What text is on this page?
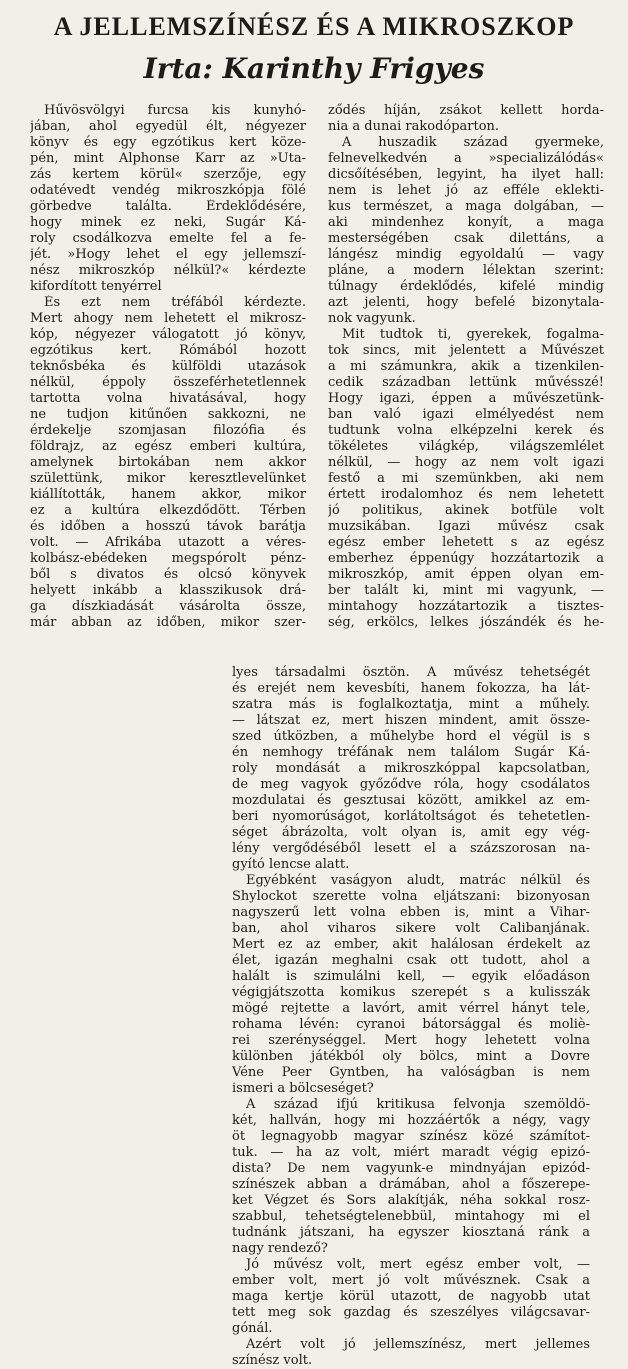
A JELLEMSZÍNÉSZ ÉS A MIKROSZKOP
Irta: Karinthy Frigyes
Hűvösvölgyi furcsa kis kunyhó-
jában, ahol egyedül élt, négyezer
könyv és egy egzótikus kert köze-
pén, mint Alphonse Karr az »Uta-
zás kertem körül« szerzője, egy
odatévedt vendég mikroszkópja fölé
görbedve találta. Érdeklődésére,
hogy minek ez neki, Sugár Ká-
roly csodálkozva emelte fel a fe-
jét. »Hogy lehet el egy jellemszí-
nész mikroszkóp nélkül?« kérdezte
kifordított tenyérrel
És ezt nem tréfából kérdezte.
Mert ahogy nem lehetett el mikrosz-
kóp, négyezer válogatott jó könyv,
egzótikus kert. Rómából hozott
teknősbéka és külföldi utazások
nélkül, éppoly összeférhetetlennek
tartotta volna hivatásával, hogy
ne tudjon kitűnően sakkozni, ne
érdekelje szomjasan filozófia és
földrajz, az egész emberi kultúra,
amelynek birtokában nem akkor
születtünk, mikor keresztlevelünket
kiállították, hanem akkor, mikor
ez a kultúra elkezdődött. Térben
és időben a hosszú távok barátja
volt. — Afrikába utazott a véres-
kolbász-ebédeken megspórolt pénz-
ből s divatos és olcsó könyvek
helyett inkább a klasszikusok drá-
ga díszkiadását vásárolta össze,
már abban az időben, mikor szer-
ződés híján, zsákot kellett horda-
nia a dunai rakodóparton.
A huszadik század gyermeke,
felnevelkedvén a »specializálódás«
dicsőítésében, legyint, ha ilyet hall:
nem is lehet jó az efféle eklekti-
kus természet, a maga dolgában, —
aki mindenhez konyít, a maga
mesterségében csak dilettáns, a
lángész mindig egyoldalú — vagy
pláne, a modern lélektan szerint:
túlnagy érdeklődés, kifelé mindig
azt jelenti, hogy befelé bizonytala-
nok vagyunk.
Mit tudtok ti, gyerekek, fogalma-
tok sincs, mit jelentett a Művészet
a mi számunkra, akik a tizenkilen-
cedik században lettünk művésszé!
Hogy igazi, éppen a művészetünk-
ban való igazi elmélyedést nem
tudtunk volna elképzelni kerek és
tökéletes világkép, világszemlélet
nélkül, — hogy az nem volt igazi
festő a mi szemünkben, aki nem
értett irodalomhoz és nem lehetett
jó politikus, akinek botfüle volt
muzsikában. Igazi művész csak
egész ember lehetett s az egész
emberhez éppenúgy hozzátartozik a
mikroszkóp, amit éppen olyan em-
ber talált ki, mint mi vagyunk, —
mintahogy hozzátartozik a tisztes-
ség, erkölcs, lelkes jószándék és he-
lyes társadalmi ösztön. A művész tehetségét
és erejét nem kevesbíti, hanem fokozza, ha lát-
szatra más is foglalkoztatja, mint a műhely.
— látszat ez, mert hiszen mindent, amit össze-
szed útközben, a műhelybe hord el végül is s
én nemhogy tréfának nem találom Sugár Ká-
roly mondását a mikroszkóppal kapcsolatban,
de meg vagyok győződve róla, hogy csodálatos
mozdulatai és gesztusai között, amikkel az em-
beri nyomorúságot, korlátoltságot és tehetetlen-
séget ábrázolta, volt olyan is, amit egy vég-
lény vergődéséből lesett el a százszorosan na-
gyító lencse alatt.
Egyébként vaságyon aludt, matrác nélkül és
Shylockot szerette volna eljátszani: bizonyosan
nagyszerű lett volna ebben is, mint a Vihar-
ban, ahol viharos sikere volt Calibanjának.
Mert ez az ember, akit halálosan érdekelt az
élet, igazán meghalni csak ott tudott, ahol a
halált is szimulálni kell, — egyik előadáson
végigjátszotta komikus szerepét s a kulisszák
mögé rejtette a lavórt, amit vérrel hányt tele,
rohama lévén: cyranoi bátorsággal és moliè-
rei szerénységgel. Mert hogy lehetett volna
különben játékból oly bölcs, mint a Dovre
Véne Peer Gyntben, ha valóságban is nem
ismeri a bölcseséget?
A század ifjú kritikusa felvonja szemöldö-
két, hallván, hogy mi hozzáértők a négy, vagy
öt legnagyobb magyar színész közé számítot-
tuk. — ha az volt, miért maradt végig epizó-
dista? De nem vagyunk-e mindnyájan epizód-
színészek abban a drámában, ahol a főszerepe-
ket Végzet és Sors alakítják, néha sokkal rosz-
szabbul, tehetségtelenebbül, mintahogy mi el
tudnánk játszani, ha egyszer kiosztaná ránk a
nagy rendező?
Jó művész volt, mert egész ember volt, —
ember volt, mert jó volt művésznek. Csak a
maga kertje körül utazott, de nagyobb utat
tett meg sok gazdag és szeszélyes világcsavar-
gónál.
Azért volt jó jellemszínész, mert jellemes
színész volt.
